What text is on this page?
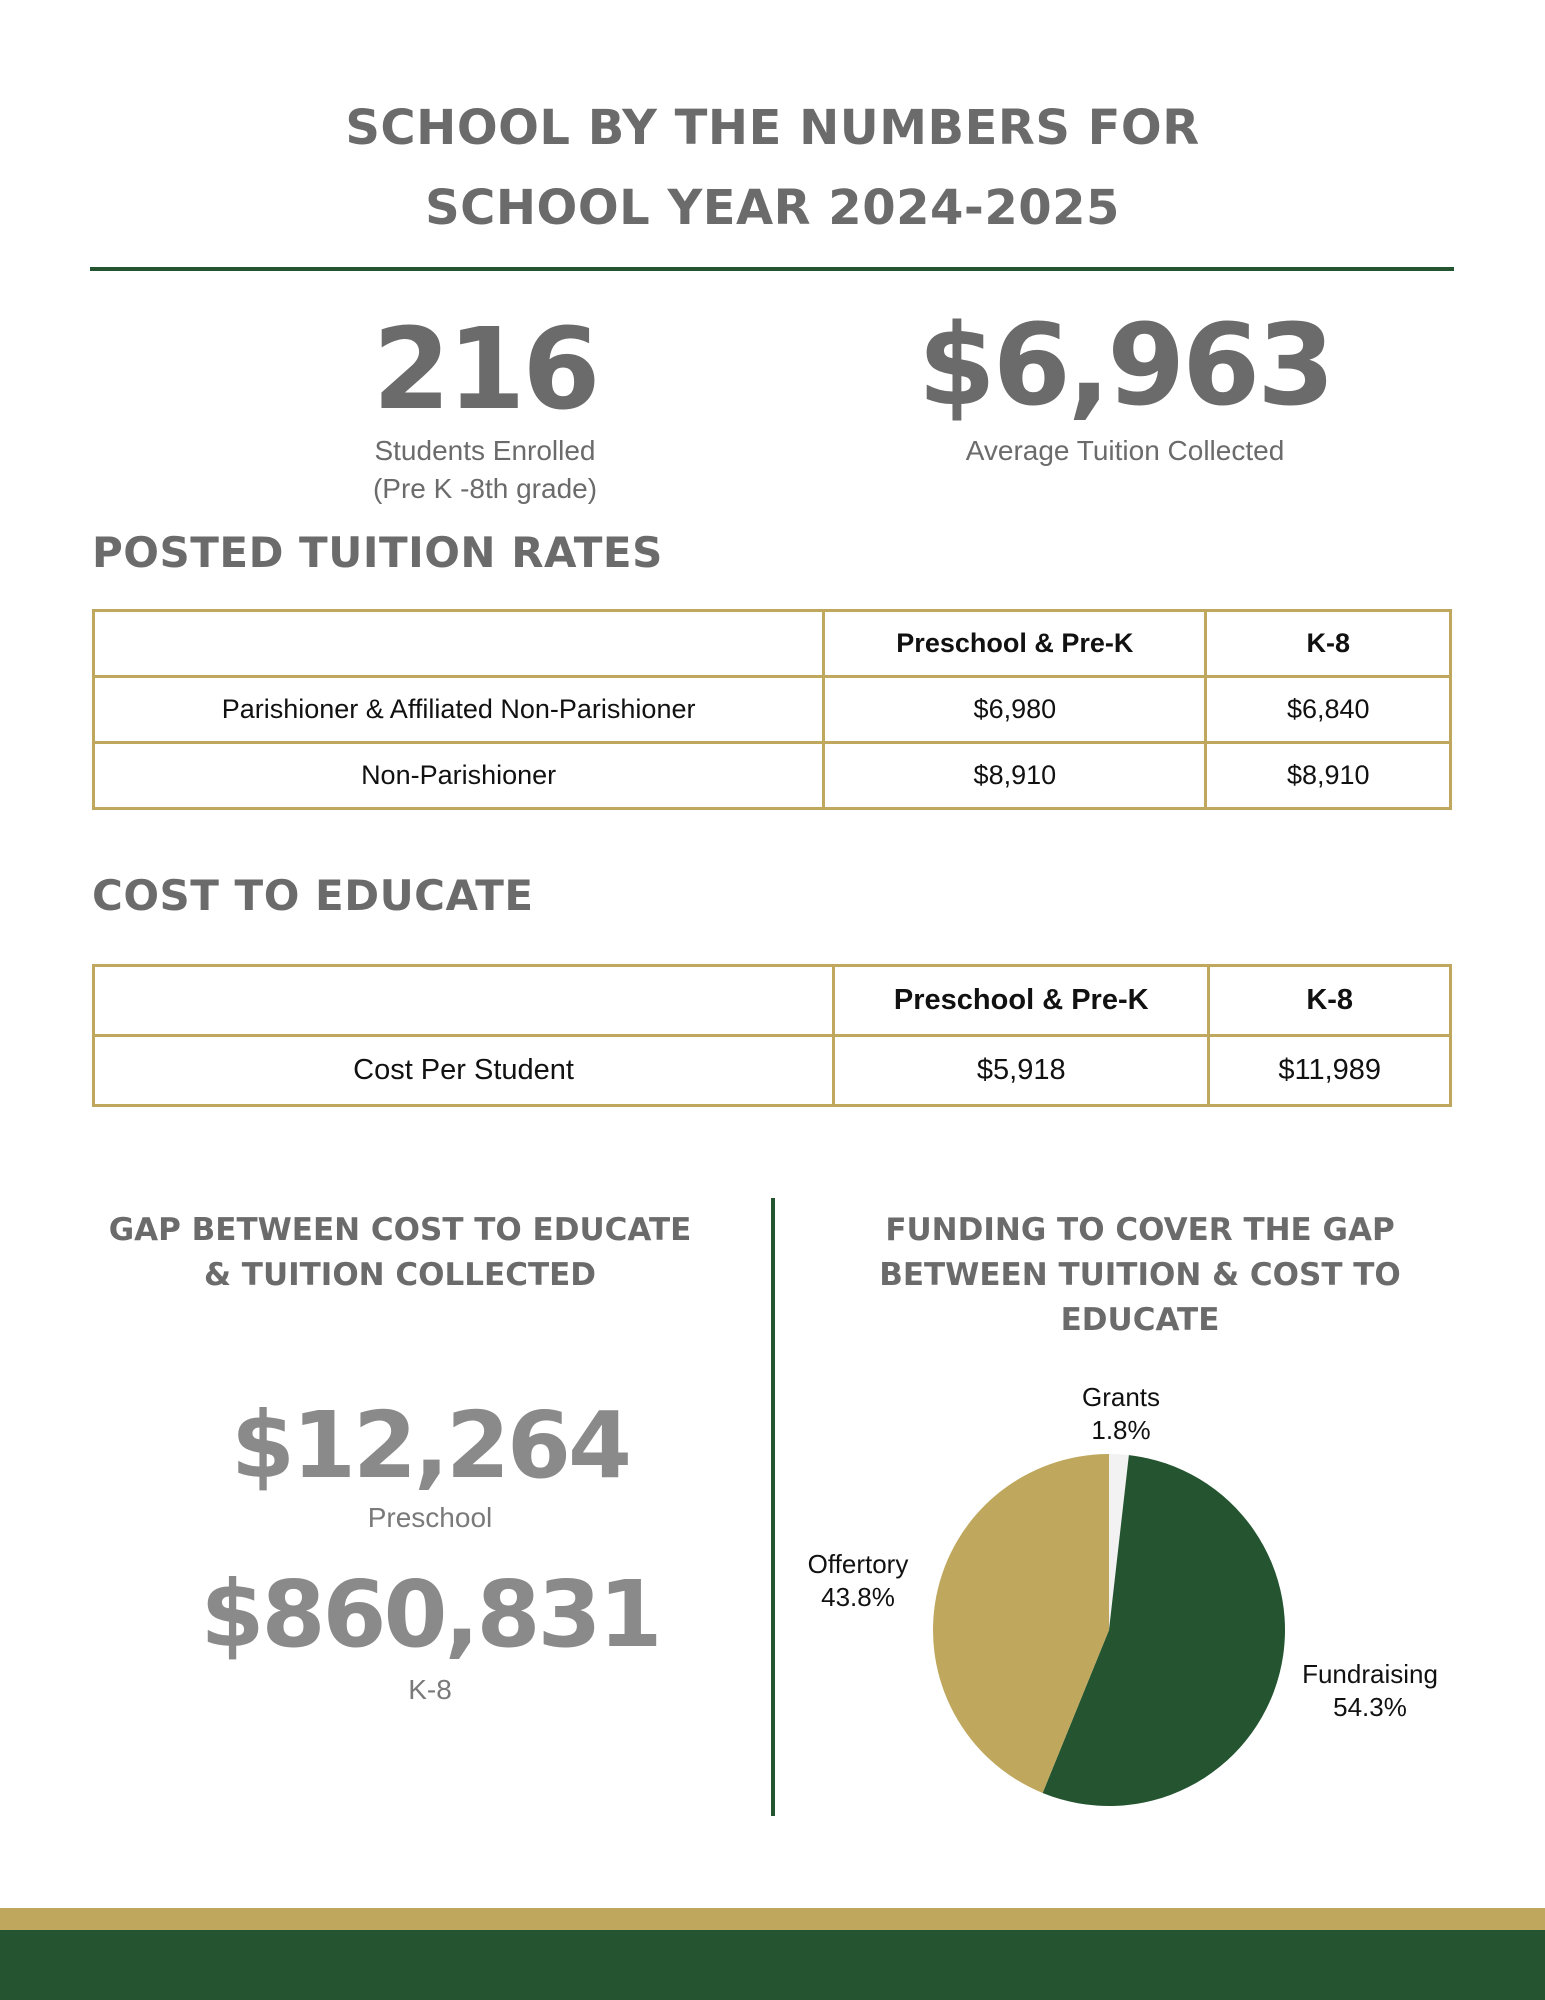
SCHOOL BY THE NUMBERS FOR
SCHOOL YEAR 2024-2025
216
Students Enrolled
(Pre K -8th grade)
$6,963
Average Tuition Collected
POSTED TUITION RATES
	Preschool & Pre-K	K-8
Parishioner & Affiliated Non-Parishioner	$6,980	$6,840
Non-Parishioner	$8,910	$8,910
COST TO EDUCATE
	Preschool & Pre-K	K-8
Cost Per Student	$5,918	$11,989
GAP BETWEEN COST TO EDUCATE
& TUITION COLLECTED
$12,264
Preschool
$860,831
K-8
FUNDING TO COVER THE GAP
BETWEEN TUITION & COST TO
EDUCATE
Grants
1.8%
Fundraising
54.3%
Offertory
43.8%
